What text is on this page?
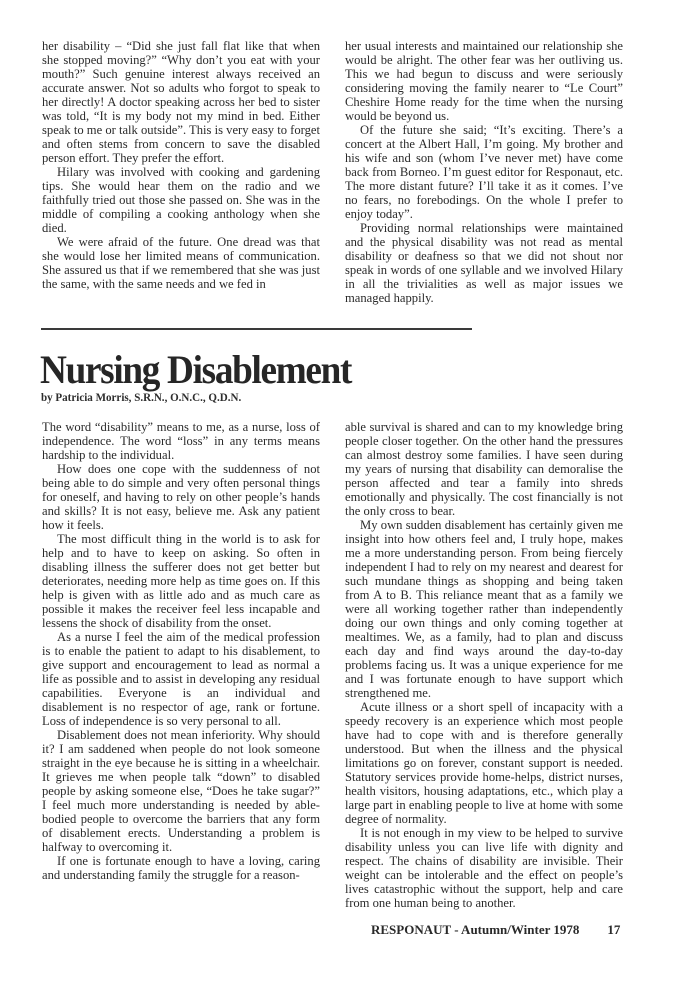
her disability – “Did she just fall flat like that when she stopped moving?” “Why don’t you eat with your mouth?” Such genuine interest always received an accurate answer. Not so adults who forgot to speak to her directly! A doctor speaking across her bed to sister was told, “It is my body not my mind in bed. Either speak to me or talk outside”. This is very easy to forget and often stems from concern to save the disabled person effort. They prefer the effort.

Hilary was involved with cooking and gardening tips. She would hear them on the radio and we faithfully tried out those she passed on. She was in the middle of compiling a cooking anthology when she died.

We were afraid of the future. One dread was that she would lose her limited means of communication. She assured us that if we remembered that she was just the same, with the same needs and we fed in

her usual interests and maintained our relationship she would be alright. The other fear was her outliving us. This we had begun to discuss and were seriously considering moving the family nearer to “Le Court” Cheshire Home ready for the time when the nursing would be beyond us.

Of the future she said; “It’s exciting. There’s a concert at the Albert Hall, I’m going. My brother and his wife and son (whom I’ve never met) have come back from Borneo. I’m guest editor for Responaut, etc. The more distant future? I’ll take it as it comes. I’ve no fears, no forebodings. On the whole I prefer to enjoy today”.

Providing normal relationships were maintained and the physical disability was not read as mental disability or deafness so that we did not shout nor speak in words of one syllable and we involved Hilary in all the trivialities as well as major issues we managed happily.

Nursing Disablement
by Patricia Morris, S.R.N., O.N.C., Q.D.N.

The word “disability” means to me, as a nurse, loss of independence. The word “loss” in any terms means hardship to the individual.

How does one cope with the suddenness of not being able to do simple and very often personal things for oneself, and having to rely on other people’s hands and skills? It is not easy, believe me. Ask any patient how it feels.

The most difficult thing in the world is to ask for help and to have to keep on asking. So often in disabling illness the sufferer does not get better but deteriorates, needing more help as time goes on. If this help is given with as little ado and as much care as possible it makes the receiver feel less incapable and lessens the shock of disability from the onset.

As a nurse I feel the aim of the medical profession is to enable the patient to adapt to his disablement, to give support and encouragement to lead as normal a life as possible and to assist in developing any residual capabilities. Everyone is an individual and disablement is no respector of age, rank or fortune. Loss of independence is so very personal to all.

Disablement does not mean inferiority. Why should it? I am saddened when people do not look someone straight in the eye because he is sitting in a wheelchair. It grieves me when people talk “down” to disabled people by asking someone else, “Does he take sugar?” I feel much more understanding is needed by able-bodied people to overcome the barriers that any form of disablement erects. Understanding a problem is halfway to overcoming it.

If one is fortunate enough to have a loving, caring and understanding family the struggle for a reason-

able survival is shared and can to my knowledge bring people closer together. On the other hand the pressures can almost destroy some families. I have seen during my years of nursing that disability can demoralise the person affected and tear a family into shreds emotionally and physically. The cost financially is not the only cross to bear.

My own sudden disablement has certainly given me insight into how others feel and, I truly hope, makes me a more understanding person. From being fiercely independent I had to rely on my nearest and dearest for such mundane things as shopping and being taken from A to B. This reliance meant that as a family we were all working together rather than independently doing our own things and only coming together at mealtimes. We, as a family, had to plan and discuss each day and find ways around the day-to-day problems facing us. It was a unique experience for me and I was fortunate enough to have support which strengthened me.

Acute illness or a short spell of incapacity with a speedy recovery is an experience which most people have had to cope with and is therefore generally understood. But when the illness and the physical limitations go on forever, constant support is needed. Statutory services provide home-helps, district nurses, health visitors, housing adaptations, etc., which play a large part in enabling people to live at home with some degree of normality.

It is not enough in my view to be helped to survive disability unless you can live life with dignity and respect. The chains of disability are invisible. Their weight can be intolerable and the effect on people’s lives catastrophic without the support, help and care from one human being to another.

RESPONAUT - Autumn/Winter 1978 17
